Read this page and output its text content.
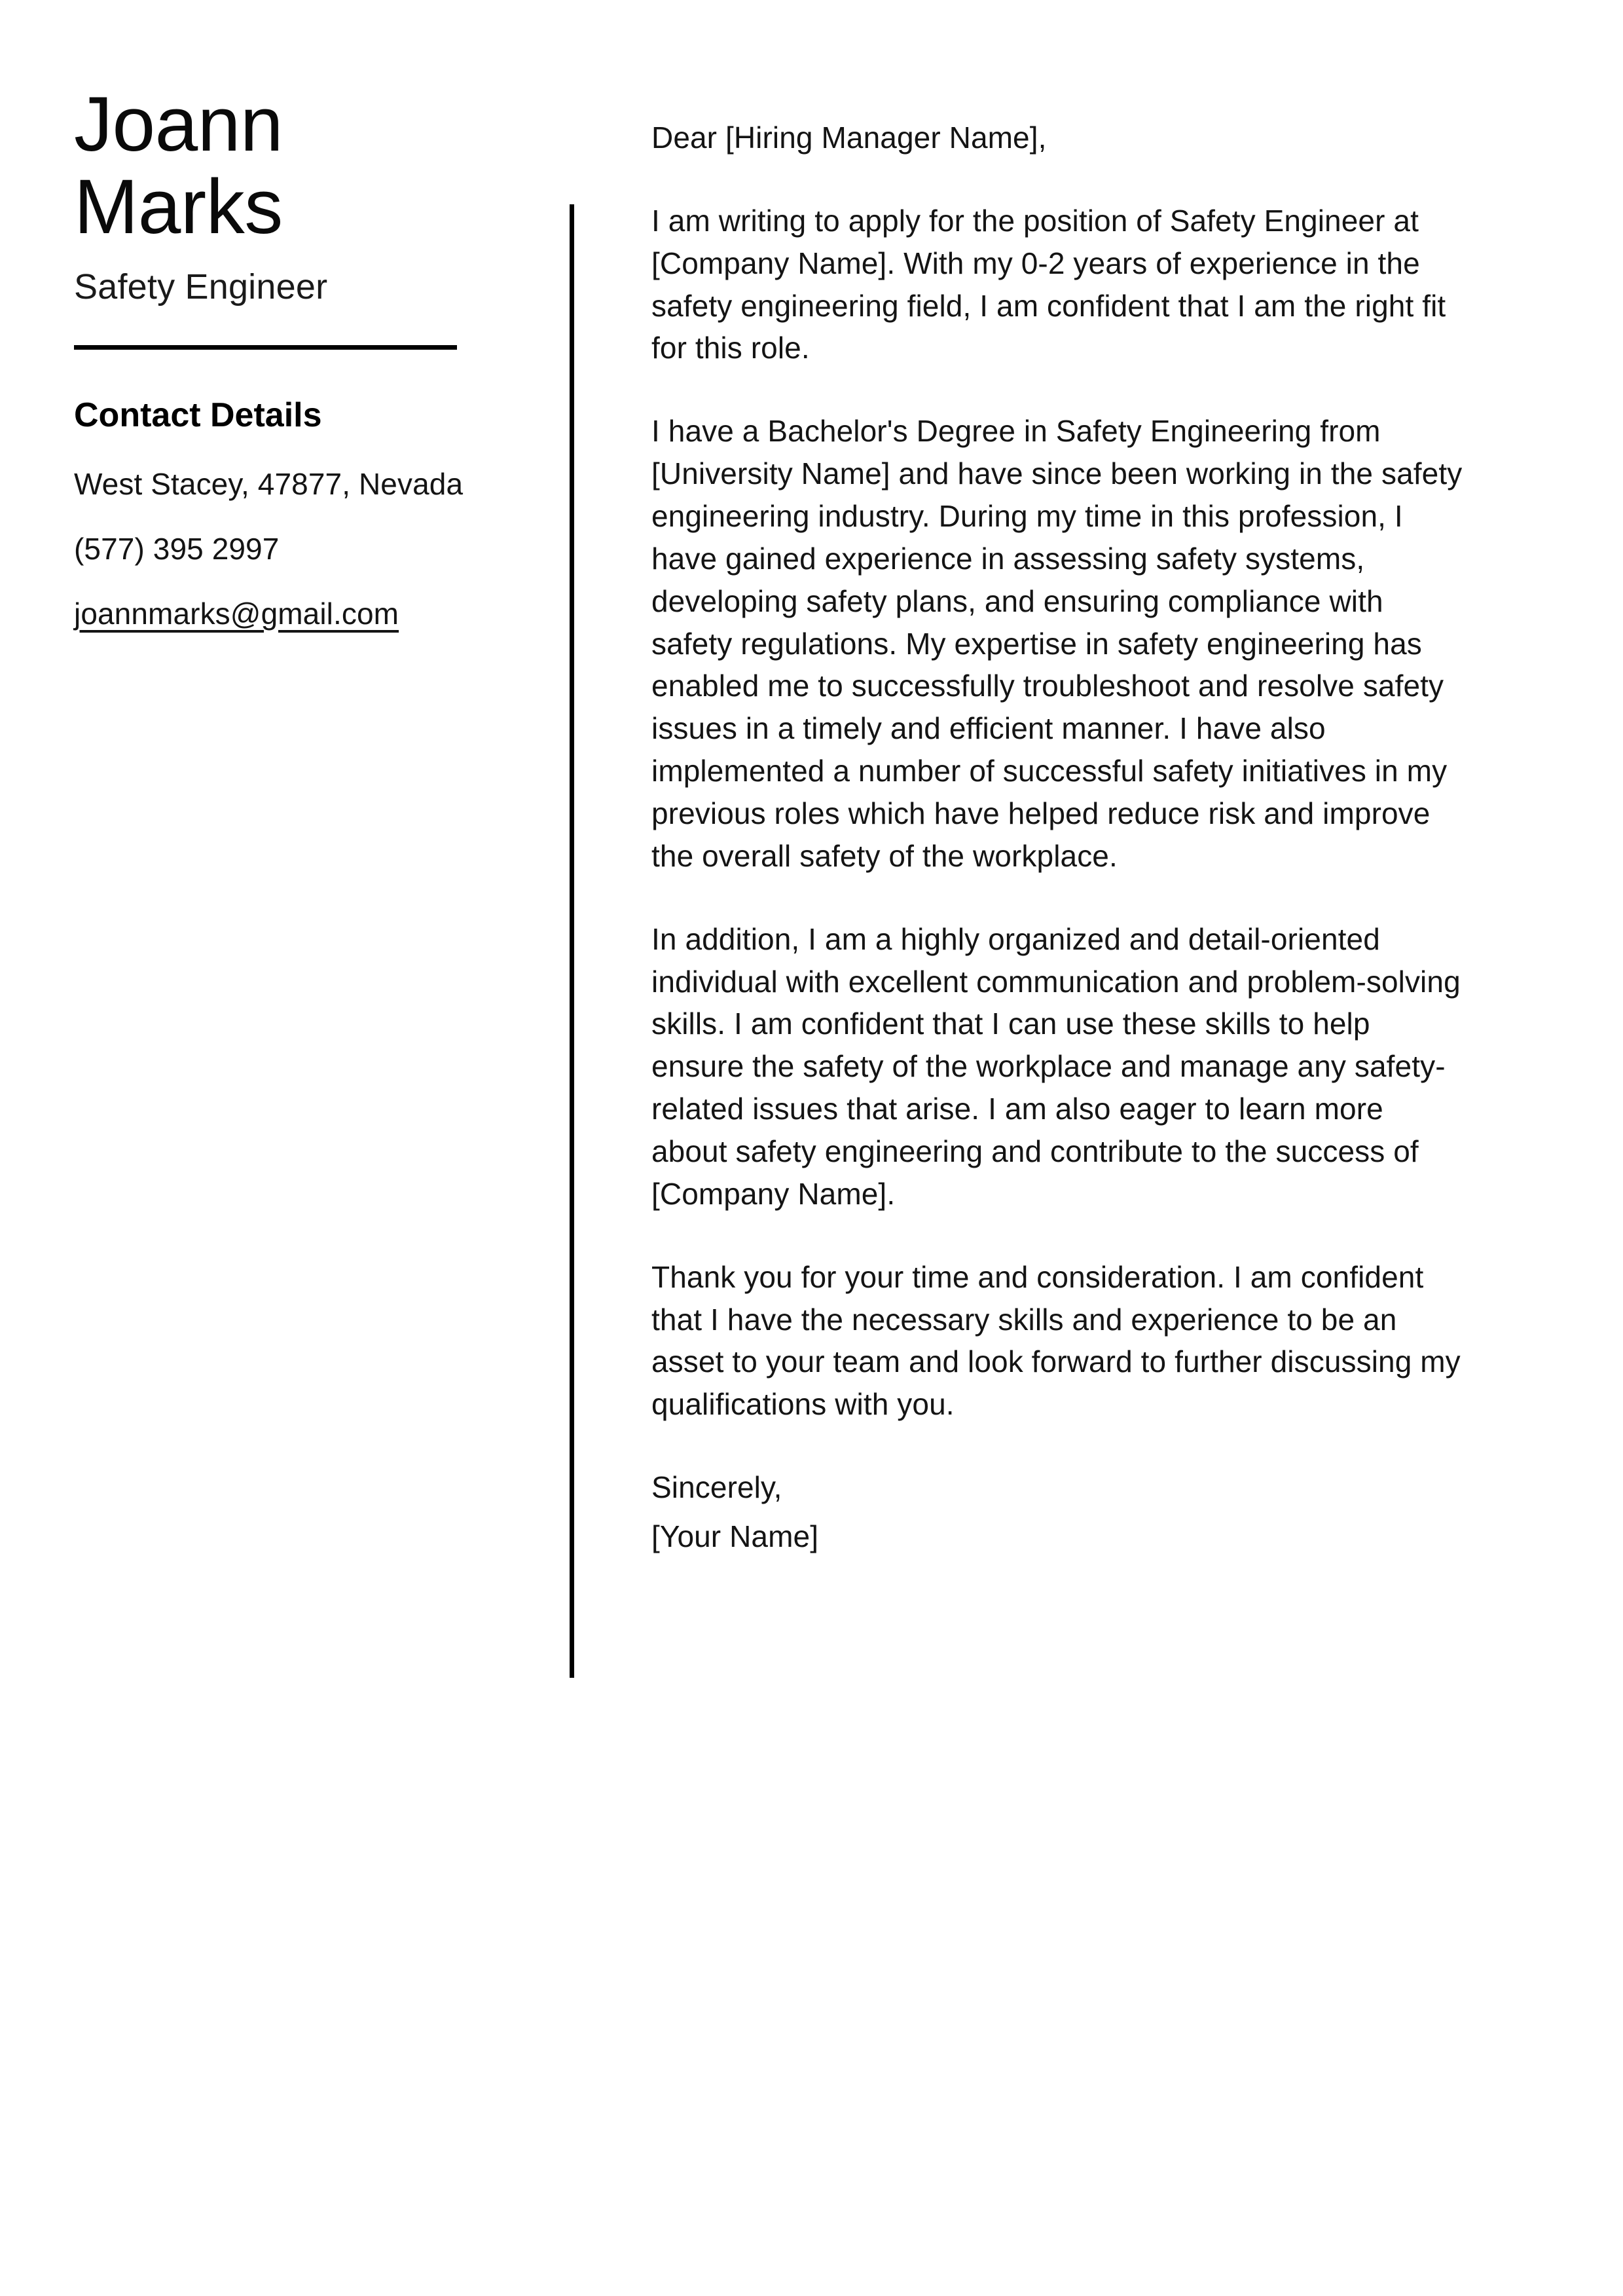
Joann
Marks
Safety Engineer
Contact Details
West Stacey, 47877, Nevada
(577) 395 2997
joannmarks@gmail.com

Dear [Hiring Manager Name],

I am writing to apply for the position of Safety Engineer at [Company Name]. With my 0-2 years of experience in the safety engineering field, I am confident that I am the right fit for this role.

I have a Bachelor's Degree in Safety Engineering from [University Name] and have since been working in the safety engineering industry. During my time in this profession, I have gained experience in assessing safety systems, developing safety plans, and ensuring compliance with safety regulations. My expertise in safety engineering has enabled me to successfully troubleshoot and resolve safety issues in a timely and efficient manner. I have also implemented a number of successful safety initiatives in my previous roles which have helped reduce risk and improve the overall safety of the workplace.

In addition, I am a highly organized and detail-oriented individual with excellent communication and problem-solving skills. I am confident that I can use these skills to help ensure the safety of the workplace and manage any safety-related issues that arise. I am also eager to learn more about safety engineering and contribute to the success of [Company Name].

Thank you for your time and consideration. I am confident that I have the necessary skills and experience to be an asset to your team and look forward to further discussing my qualifications with you.

Sincerely,

[Your Name]
